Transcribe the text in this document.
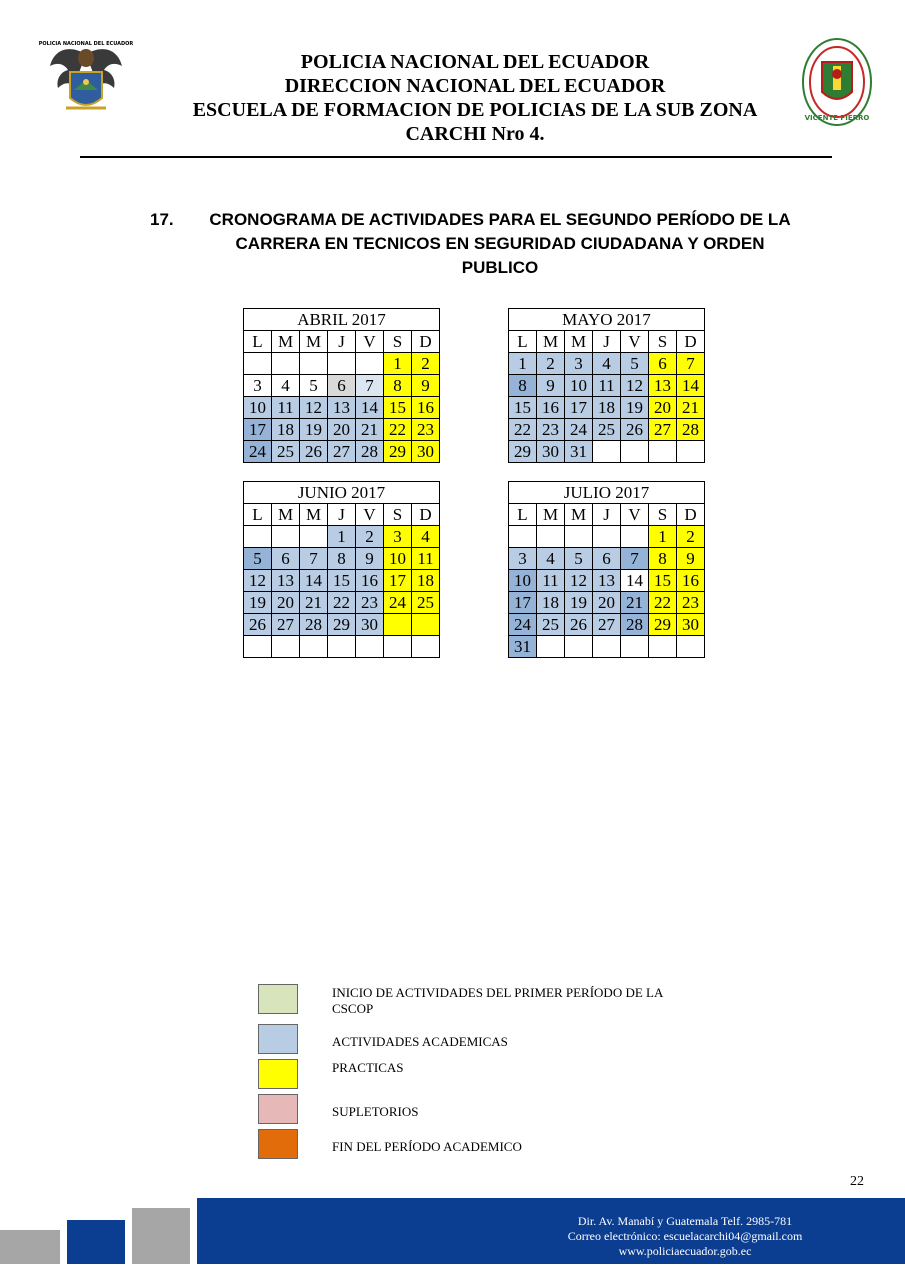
POLICIA NACIONAL DEL ECUADOR
VICENTE FIERRO
POLICIA NACIONAL DEL ECUADOR
DIRECCION NACIONAL DEL ECUADOR
ESCUELA DE FORMACION DE POLICIAS DE LA SUB ZONA
CARCHI Nro 4.
17.	CRONOGRAMA DE ACTIVIDADES PARA EL SEGUNDO PERÍODO DE LA
CARRERA EN TECNICOS EN SEGURIDAD CIUDADANA Y ORDEN
PUBLICO
ABRIL 2017						
L	M	M	J	V	S	D
					1	2
3	4	5	6	7	8	9
10	11	12	13	14	15	16
17	18	19	20	21	22	23
24	25	26	27	28	29	30
MAYO 2017						
L	M	M	J	V	S	D
1	2	3	4	5	6	7
8	9	10	11	12	13	14
15	16	17	18	19	20	21
22	23	24	25	26	27	28
29	30	31				
JUNIO 2017						
L	M	M	J	V	S	D
			1	2	3	4
5	6	7	8	9	10	11
12	13	14	15	16	17	18
19	20	21	22	23	24	25
26	27	28	29	30		

JULIO 2017						
L	M	M	J	V	S	D
					1	2
3	4	5	6	7	8	9
10	11	12	13	14	15	16
17	18	19	20	21	22	23
24	25	26	27	28	29	30
31						
INICIO DE ACTIVIDADES DEL PRIMER PERÍODO DE LA CSCOP
ACTIVIDADES ACADEMICAS
PRACTICAS
SUPLETORIOS
FIN DEL PERÍODO ACADEMICO
22
Dir. Av. Manabí y Guatemala Telf. 2985-781
Correo electrónico: escuelacarchi04@gmail.com
www.policiaecuador.gob.ec
